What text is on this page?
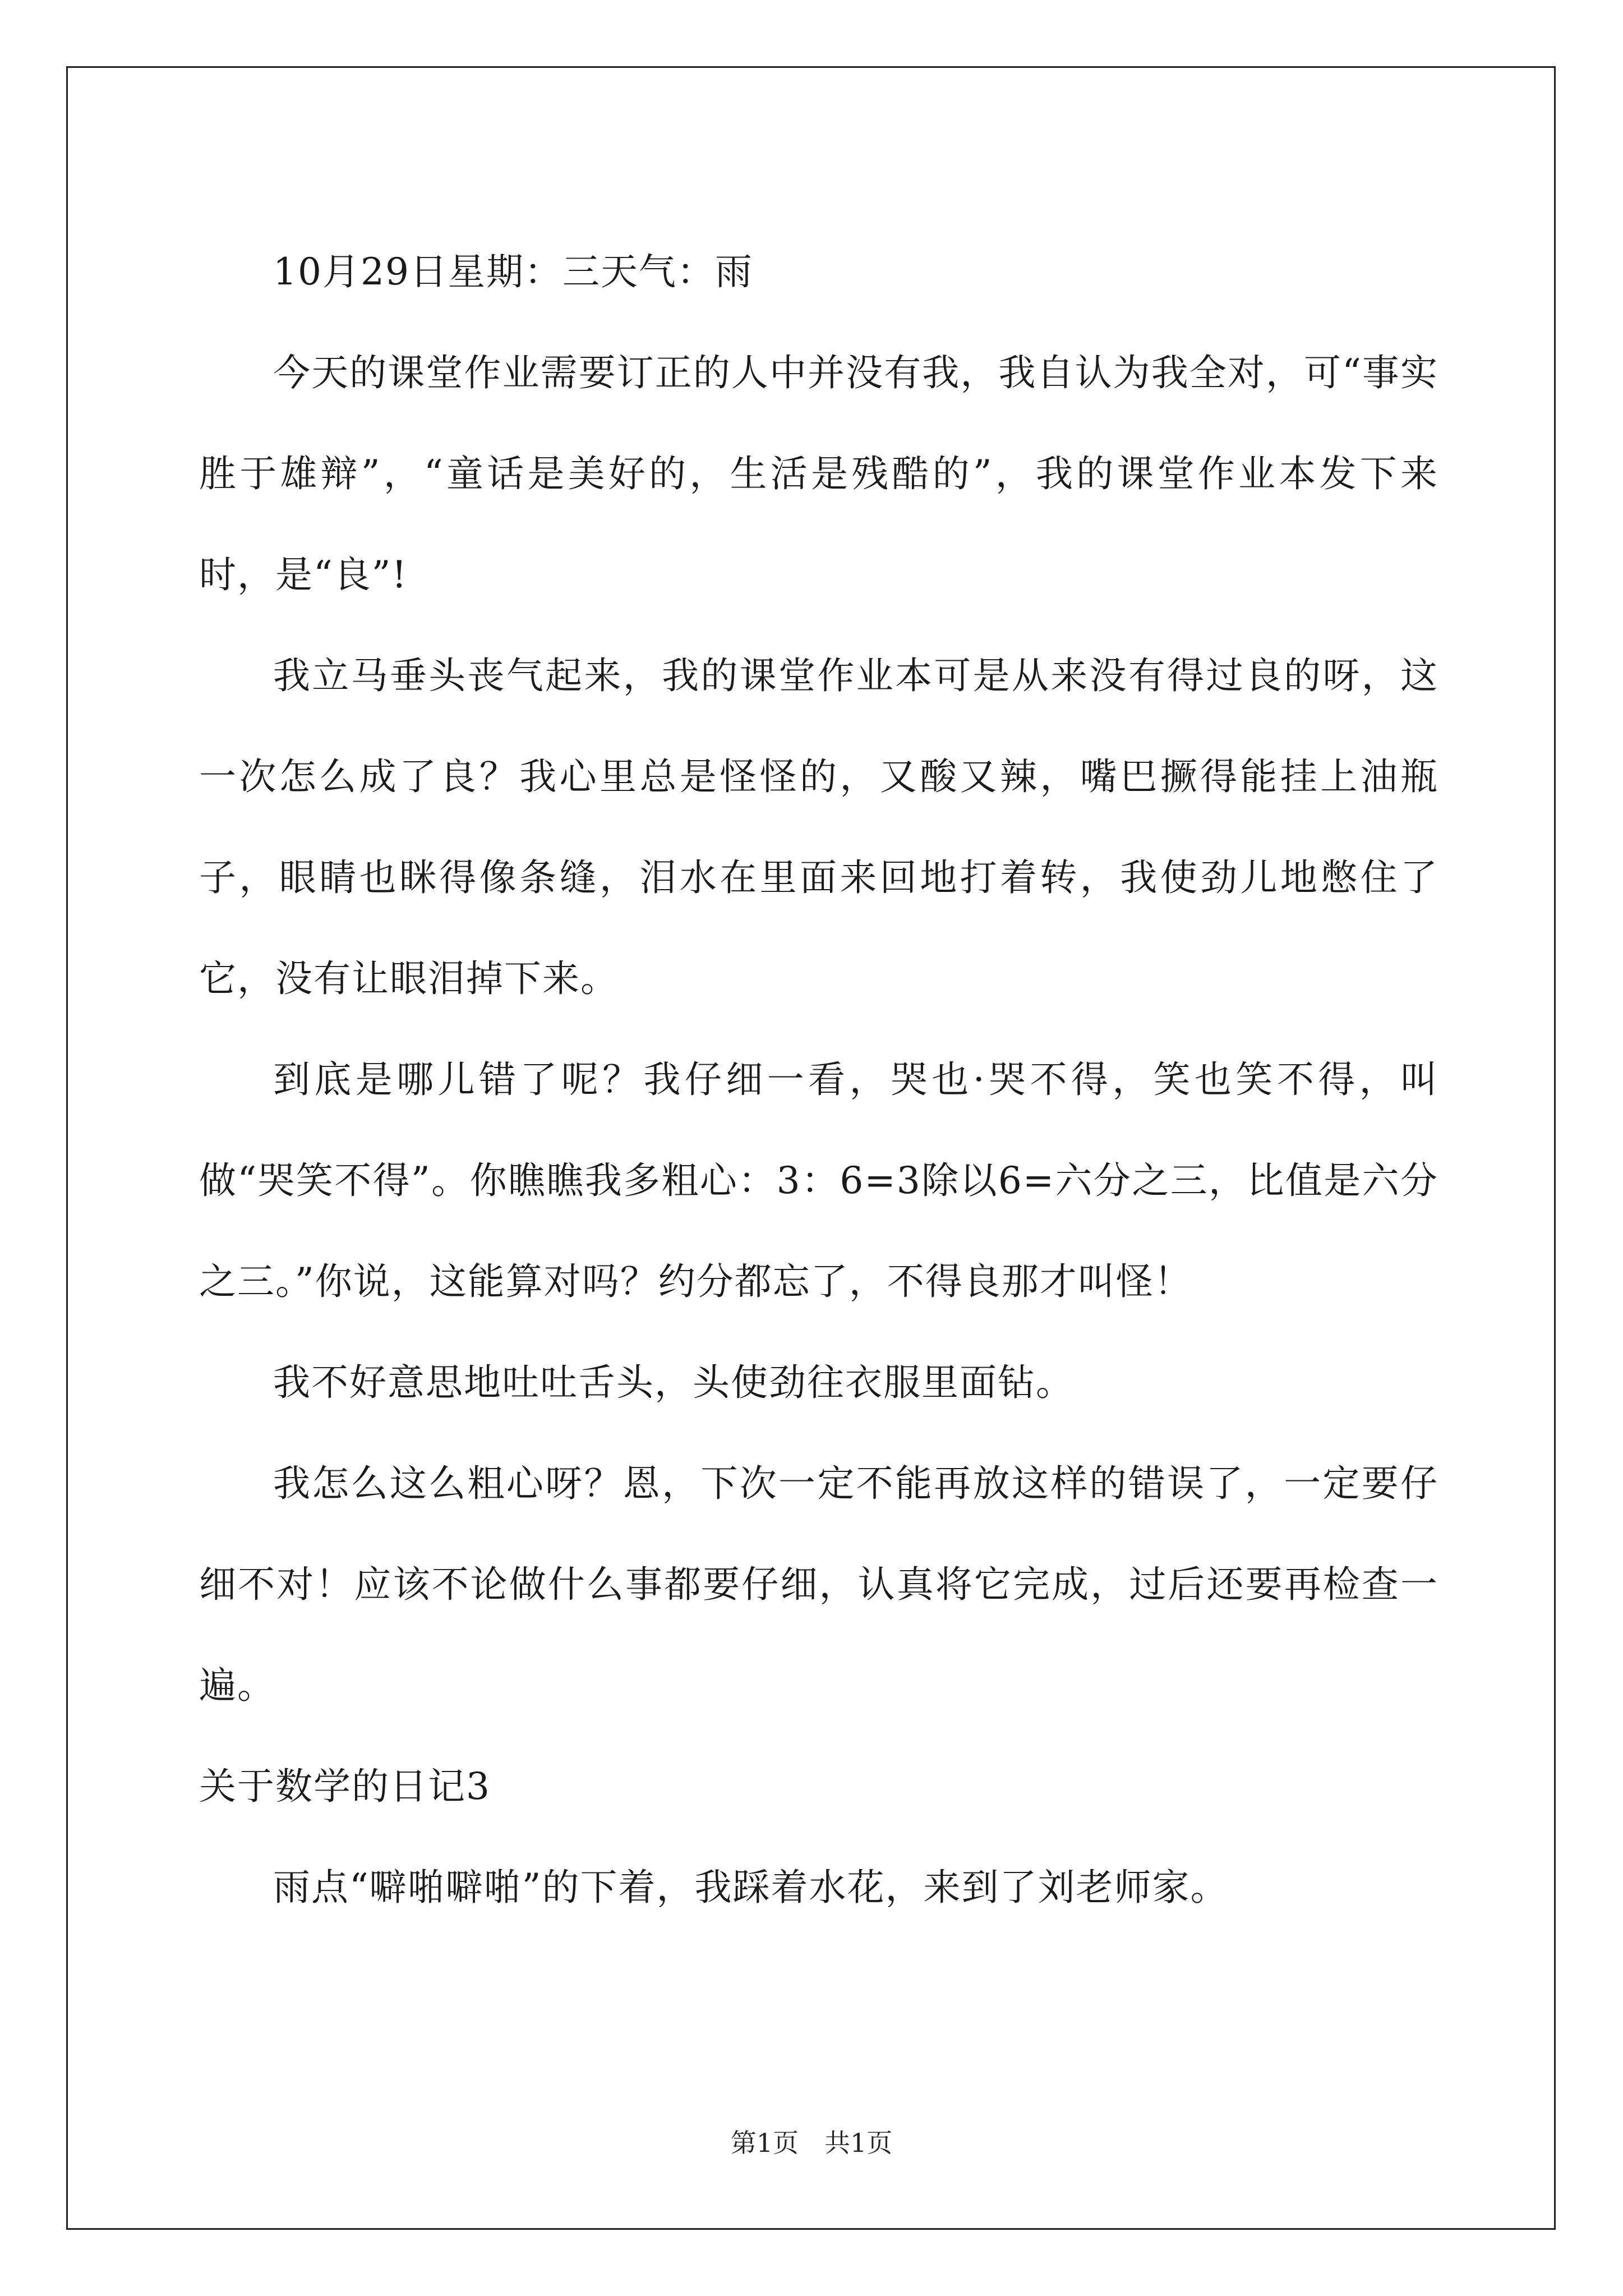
10月29日星期：三天气：雨

今天的课堂作业需要订正的人中并没有我，我自认为我全对，可“事实胜于雄辩”，“童话是美好的，生活是残酷的”，我的课堂作业本发下来时，是“良”!

我立马垂头丧气起来，我的课堂作业本可是从来没有得过良的呀，这一次怎么成了良？我心里总是怪怪的，又酸又辣，嘴巴撅得能挂上油瓶子，眼睛也眯得像条缝，泪水在里面来回地打着转，我使劲儿地憋住了它，没有让眼泪掉下来。

到底是哪儿错了呢？我仔细一看，哭也·哭不得，笑也笑不得，叫做“哭笑不得”。你瞧瞧我多粗心：3：6=3除以6=六分之三，比值是六分之三。”你说，这能算对吗？约分都忘了，不得良那才叫怪！

我不好意思地吐吐舌头，头使劲往衣服里面钻。

我怎么这么粗心呀？恩，下次一定不能再放这样的错误了，一定要仔细不对！应该不论做什么事都要仔细，认真将它完成，过后还要再检查一遍。

关于数学的日记3

雨点“噼啪噼啪”的下着，我踩着水花，来到了刘老师家。

第1页　共1页
